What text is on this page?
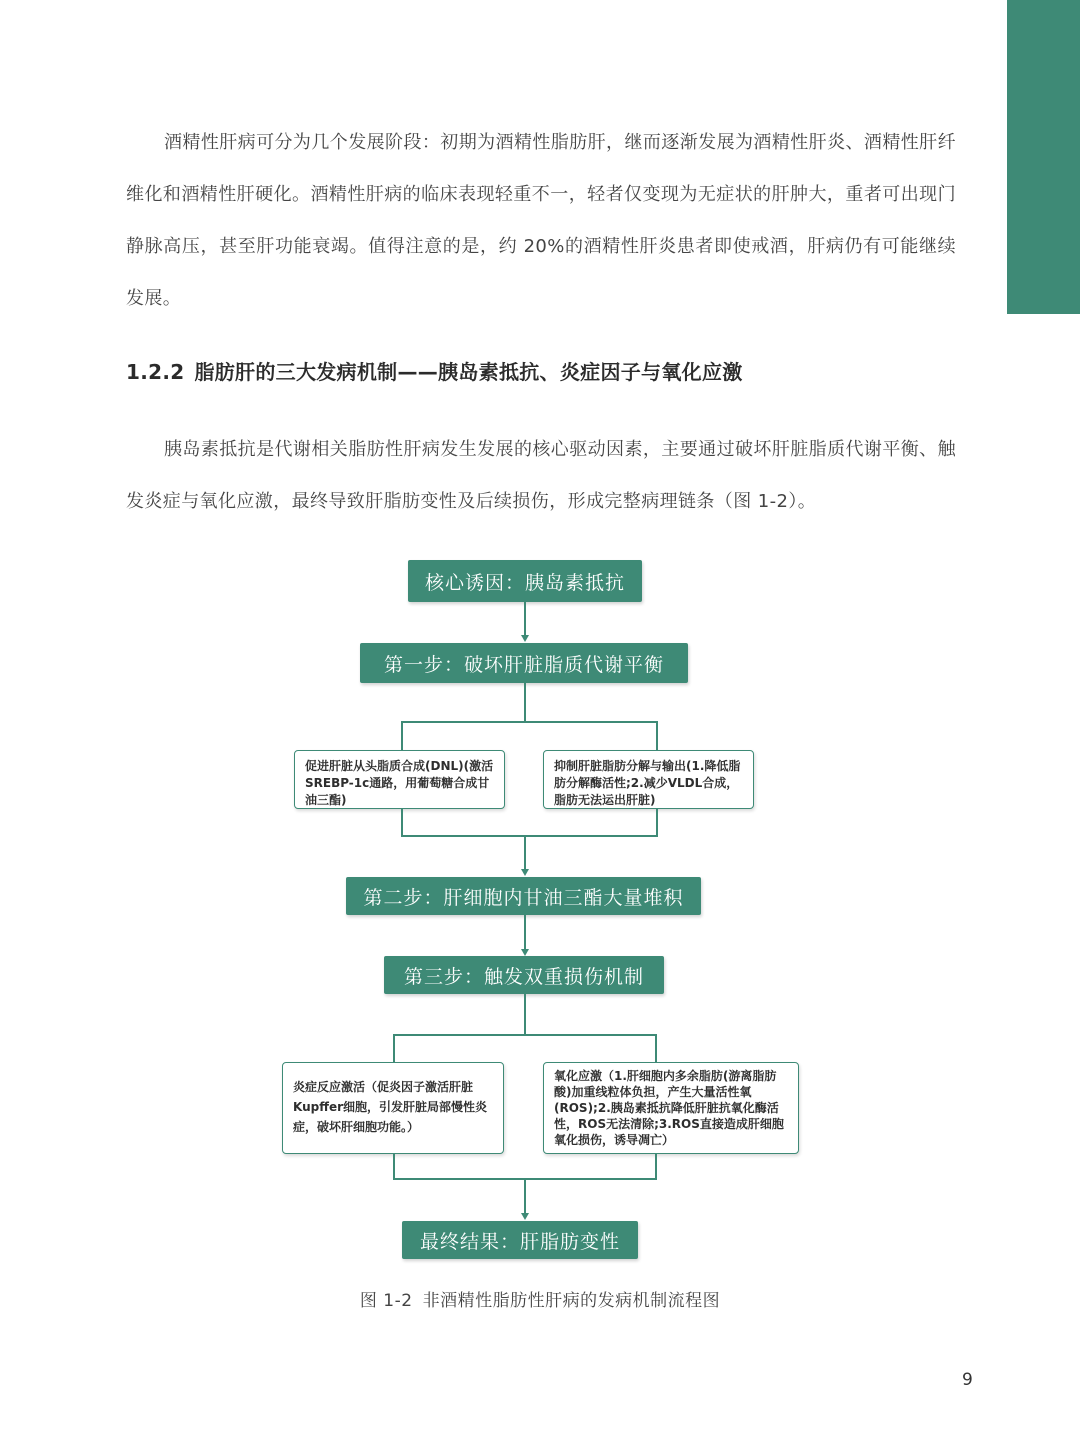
酒精性肝病可分为几个发展阶段：初期为酒精性脂肪肝，继而逐渐发展为酒精性肝炎、酒精性肝纤维化和酒精性肝硬化。酒精性肝病的临床表现轻重不一，轻者仅变现为无症状的肝肿大，重者可出现门静脉高压，甚至肝功能衰竭。值得注意的是，约 20%的酒精性肝炎患者即使戒酒，肝病仍有可能继续发展。

1.2.2 脂肪肝的三大发病机制——胰岛素抵抗、炎症因子与氧化应激

胰岛素抵抗是代谢相关脂肪性肝病发生发展的核心驱动因素，主要通过破坏肝脏脂质代谢平衡、触发炎症与氧化应激，最终导致肝脂肪变性及后续损伤，形成完整病理链条（图 1-2）。

核心诱因：胰岛素抵抗
第一步：破坏肝脏脂质代谢平衡
促进肝脏从头脂质合成(DNL)(激活SREBP-1c通路，用葡萄糖合成甘油三酯)
抑制肝脏脂肪分解与输出(1.降低脂肪分解酶活性;2.减少VLDL合成，脂肪无法运出肝脏)
第二步：肝细胞内甘油三酯大量堆积
第三步：触发双重损伤机制
炎症反应激活（促炎因子激活肝脏Kupffer细胞，引发肝脏局部慢性炎症，破坏肝细胞功能。）
氧化应激（1.肝细胞内多余脂肪(游离脂肪酸)加重线粒体负担，产生大量活性氧(ROS);2.胰岛素抵抗降低肝脏抗氧化酶活性，ROS无法清除;3.ROS直接造成肝细胞氧化损伤，诱导凋亡）
最终结果：肝脂肪变性
图 1-2 非酒精性脂肪性肝病的发病机制流程图
9
